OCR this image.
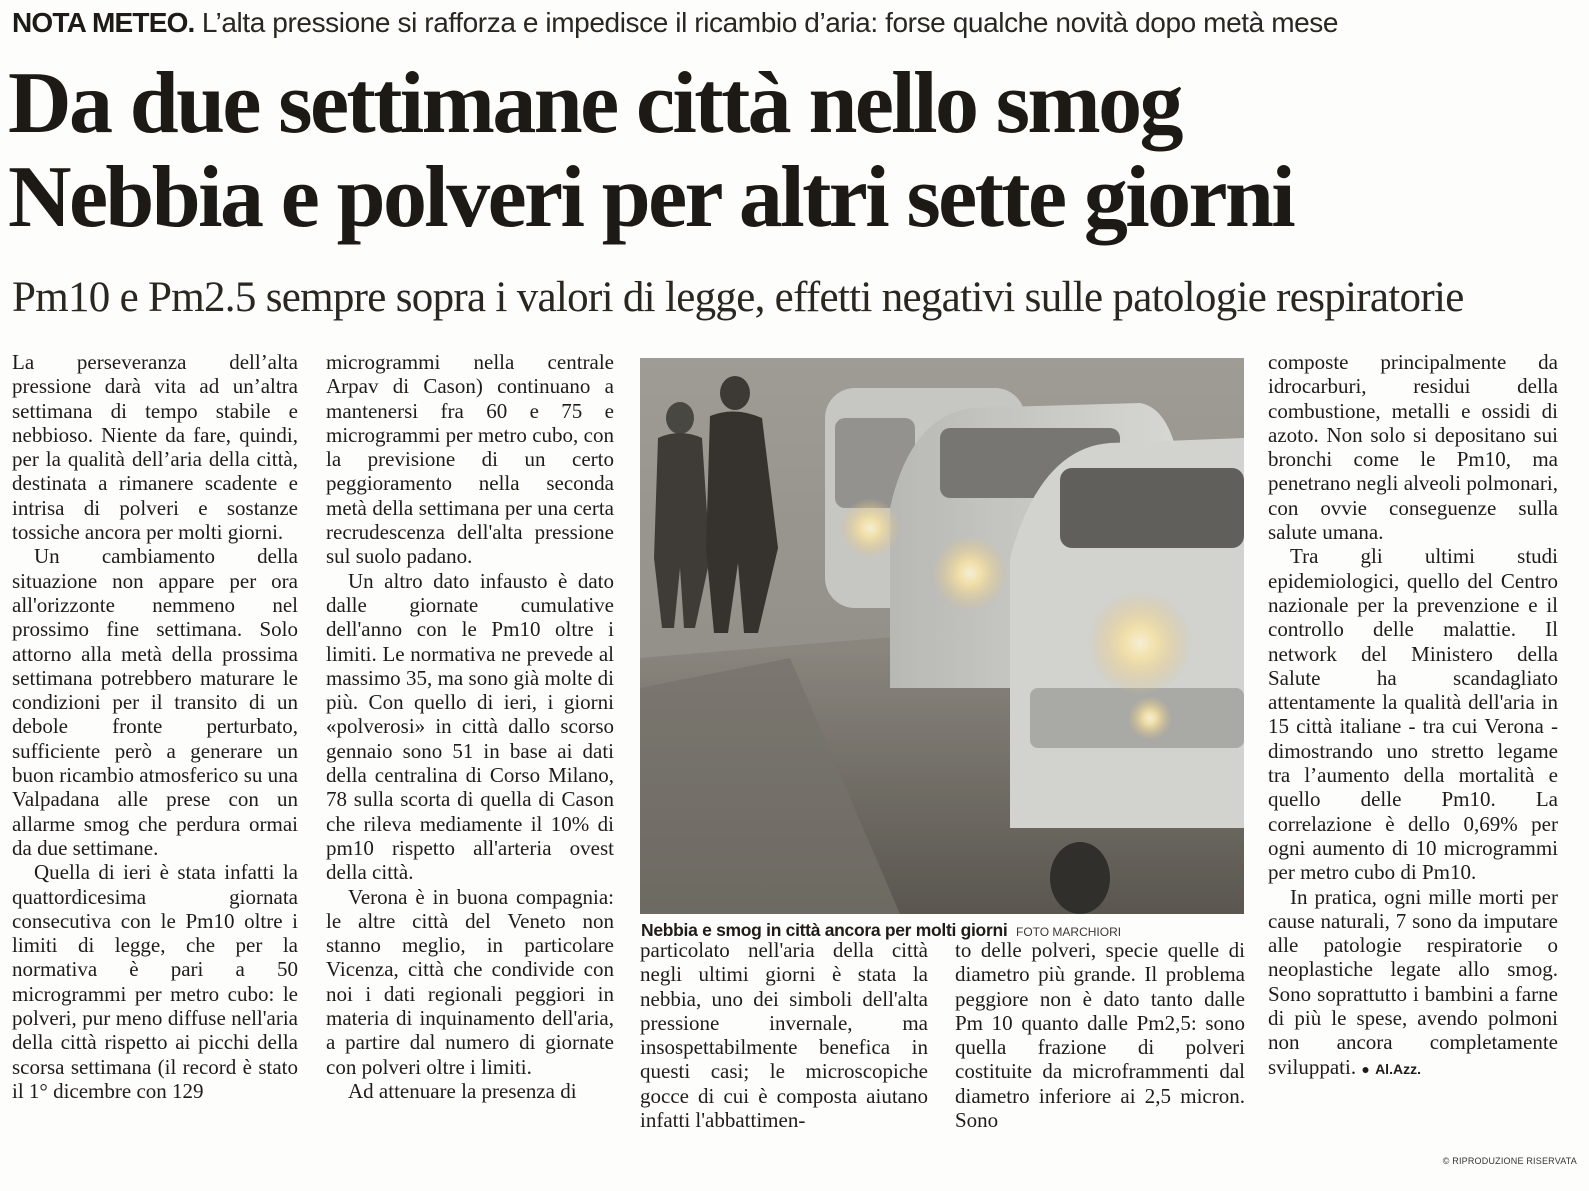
NOTA METEO. L’alta pressione si rafforza e impedisce il ricambio d’aria: forse qualche novità dopo metà mese
Da due settimane città nello smog
Nebbia e polveri per altri sette giorni
Pm10 e Pm2.5 sempre sopra i valori di legge, effetti negativi sulle patologie respiratorie

La perseveranza dell’alta pressione darà vita ad un’altra settimana di tempo stabile e nebbioso. Niente da fare, quindi, per la qualità dell’aria della città, destinata a rimanere scadente e intrisa di polveri e sostanze tossiche ancora per molti giorni.

Un cambiamento della situazione non appare per ora all'orizzonte nemmeno nel prossimo fine settimana. Solo attorno alla metà della prossima settimana potrebbero maturare le condizioni per il transito di un debole fronte perturbato, sufficiente però a generare un buon ricambio atmosferico su una Valpadana alle prese con un allarme smog che perdura ormai da due settimane.

Quella di ieri è stata infatti la quattordicesima giornata consecutiva con le Pm10 oltre i limiti di legge, che per la normativa è pari a 50 microgrammi per metro cubo: le polveri, pur meno diffuse nell'aria della città rispetto ai picchi della scorsa settimana (il record è stato il 1° dicembre con 129

microgrammi nella centrale Arpav di Cason) continuano a mantenersi fra 60 e 75 e microgrammi per metro cubo, con la previsione di un certo peggioramento nella seconda metà della settimana per una certa recrudescenza dell'alta pressione sul suolo padano.

Un altro dato infausto è dato dalle giornate cumulative dell'anno con le Pm10 oltre i limiti. Le normativa ne prevede al massimo 35, ma sono già molte di più. Con quello di ieri, i giorni «polverosi» in città dallo scorso gennaio sono 51 in base ai dati della centralina di Corso Milano, 78 sulla scorta di quella di Cason che rileva mediamente il 10% di pm10 rispetto all'arteria ovest della città.

Verona è in buona compagnia: le altre città del Veneto non stanno meglio, in particolare Vicenza, città che condivide con noi i dati regionali peggiori in materia di inquinamento dell'aria, a partire dal numero di giornate con polveri oltre i limiti.

Ad attenuare la presenza di

Nebbia e smog in città ancora per molti giorni FOTO MARCHIORI

particolato nell'aria della città negli ultimi giorni è stata la nebbia, uno dei simboli dell'alta pressione invernale, ma insospettabilmente benefica in questi casi; le microscopiche gocce di cui è composta aiutano infatti l'abbattimen-

to delle polveri, specie quelle di diametro più grande. Il problema peggiore non è dato tanto dalle Pm 10 quanto dalle Pm2,5: sono quella frazione di polveri costituite da microframmenti dal diametro inferiore ai 2,5 micron. Sono

composte principalmente da idrocarburi, residui della combustione, metalli e ossidi di azoto. Non solo si depositano sui bronchi come le Pm10, ma penetrano negli alveoli polmonari, con ovvie conseguenze sulla salute umana.

Tra gli ultimi studi epidemiologici, quello del Centro nazionale per la prevenzione e il controllo delle malattie. Il network del Ministero della Salute ha scandagliato attentamente la qualità dell'aria in 15 città italiane - tra cui Verona - dimostrando uno stretto legame tra l’aumento della mortalità e quello delle Pm10. La correlazione è dello 0,69% per ogni aumento di 10 microgrammi per metro cubo di Pm10.

In pratica, ogni mille morti per cause naturali, 7 sono da imputare alle patologie respiratorie o neoplastiche legate allo smog. Sono soprattutto i bambini a farne di più le spese, avendo polmoni non ancora completamente sviluppati. ● Al.Azz.

© RIPRODUZIONE RISERVATA
